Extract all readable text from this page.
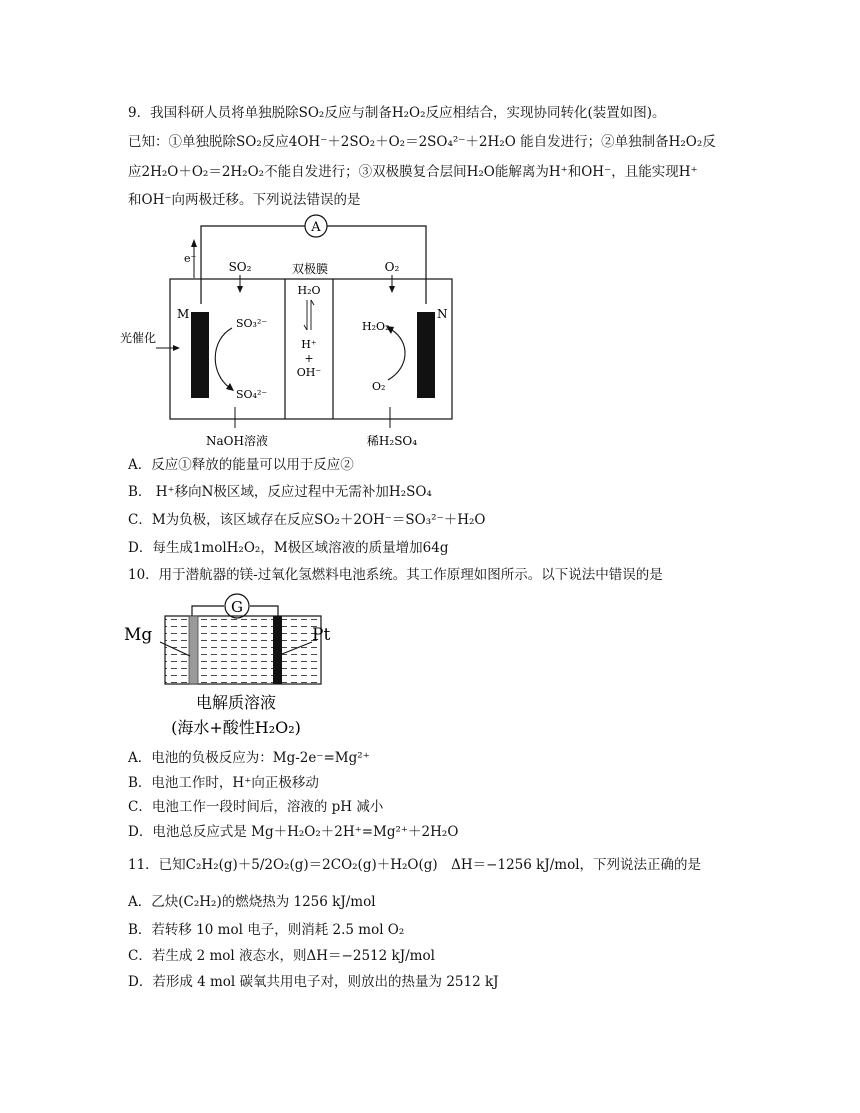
9．我国科研人员将单独脱除SO₂反应与制备H₂O₂反应相结合，实现协同转化(装置如图)。
已知：①单独脱除SO₂反应4OH⁻＋2SO₂＋O₂＝2SO₄²⁻＋2H₂O 能自发进行；②单独制备H₂O₂反
应2H₂O＋O₂＝2H₂O₂不能自发进行；③双极膜复合层间H₂O能解离为H⁺和OH⁻，且能实现H⁺
和OH⁻向两极迁移。下列说法错误的是
A
e⁻
双极膜
SO₂	O₂
M	N
光催化
SO₃²⁻
SO₄²⁻
H₂O
H⁺
+
OH⁻
H₂O₂
O₂
NaOH溶液	稀H₂SO₄
A．反应①释放的能量可以用于反应②
B． H⁺移向N极区域，反应过程中无需补加H₂SO₄
C．M为负极，该区域存在反应SO₂＋2OH⁻＝SO₃²⁻＋H₂O
D．每生成1molH₂O₂，M极区域溶液的质量增加64g
10．用于潜航器的镁-过氧化氢燃料电池系统。其工作原理如图所示。以下说法中错误的是
G
Mg	Pt
电解质溶液
(海水+酸性H₂O₂)
A．电池的负极反应为：Mg-2e⁻=Mg²⁺
B．电池工作时，H⁺向正极移动
C．电池工作一段时间后，溶液的 pH 减小
D．电池总反应式是 Mg＋H₂O₂＋2H⁺=Mg²⁺＋2H₂O
11．已知C₂H₂(g)＋5/2O₂(g)＝2CO₂(g)＋H₂O(g)　ΔH＝−1256 kJ/mol，下列说法正确的是
A．乙炔(C₂H₂)的燃烧热为 1256 kJ/mol
B．若转移 10 mol 电子，则消耗 2.5 mol O₂
C．若生成 2 mol 液态水，则ΔH＝−2512 kJ/mol
D．若形成 4 mol 碳氧共用电子对，则放出的热量为 2512 kJ
